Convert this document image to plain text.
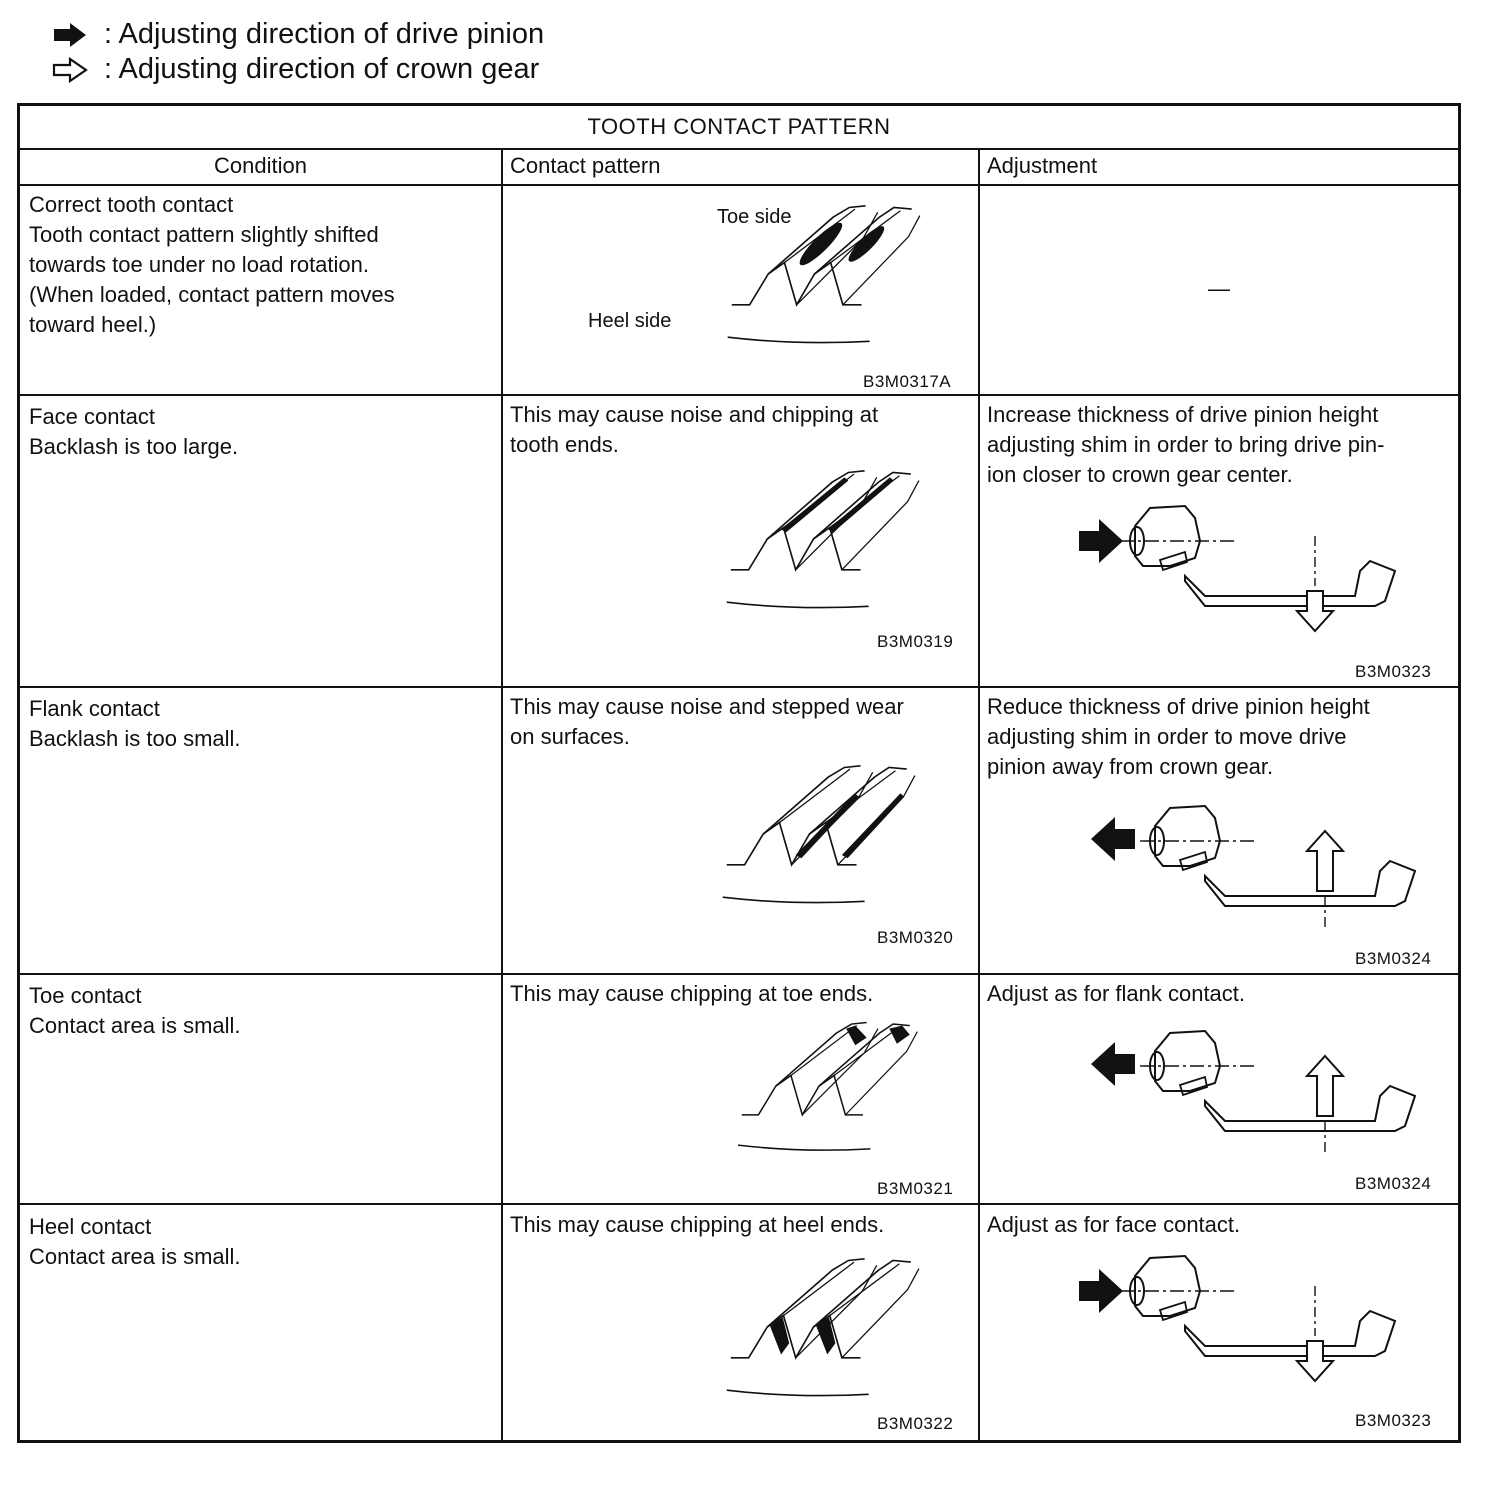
: Adjusting direction of drive pinion
: Adjusting direction of crown gear
TOOTH CONTACT PATTERN
Condition	Contact pattern	Adjustment

Correct tooth contact

Tooth contact pattern slightly shifted

towards toe under no load rotation.

(When loaded, contact pattern moves

toward heel.)

Toe side
Heel side
B3M0317A
—

Face contact

Backlash is too large.

This may cause noise and chipping at

tooth ends.

B3M0319

Increase thickness of drive pinion height

adjusting shim in order to bring drive pin-

ion closer to crown gear center.

B3M0323

Flank contact

Backlash is too small.

This may cause noise and stepped wear

on surfaces.

B3M0320

Reduce thickness of drive pinion height

adjusting shim in order to move drive

pinion away from crown gear.

B3M0324

Toe contact

Contact area is small.

This may cause chipping at toe ends.

B3M0321

Adjust as for flank contact.

B3M0324

Heel contact

Contact area is small.

This may cause chipping at heel ends.

B3M0322

Adjust as for face contact.

B3M0323
